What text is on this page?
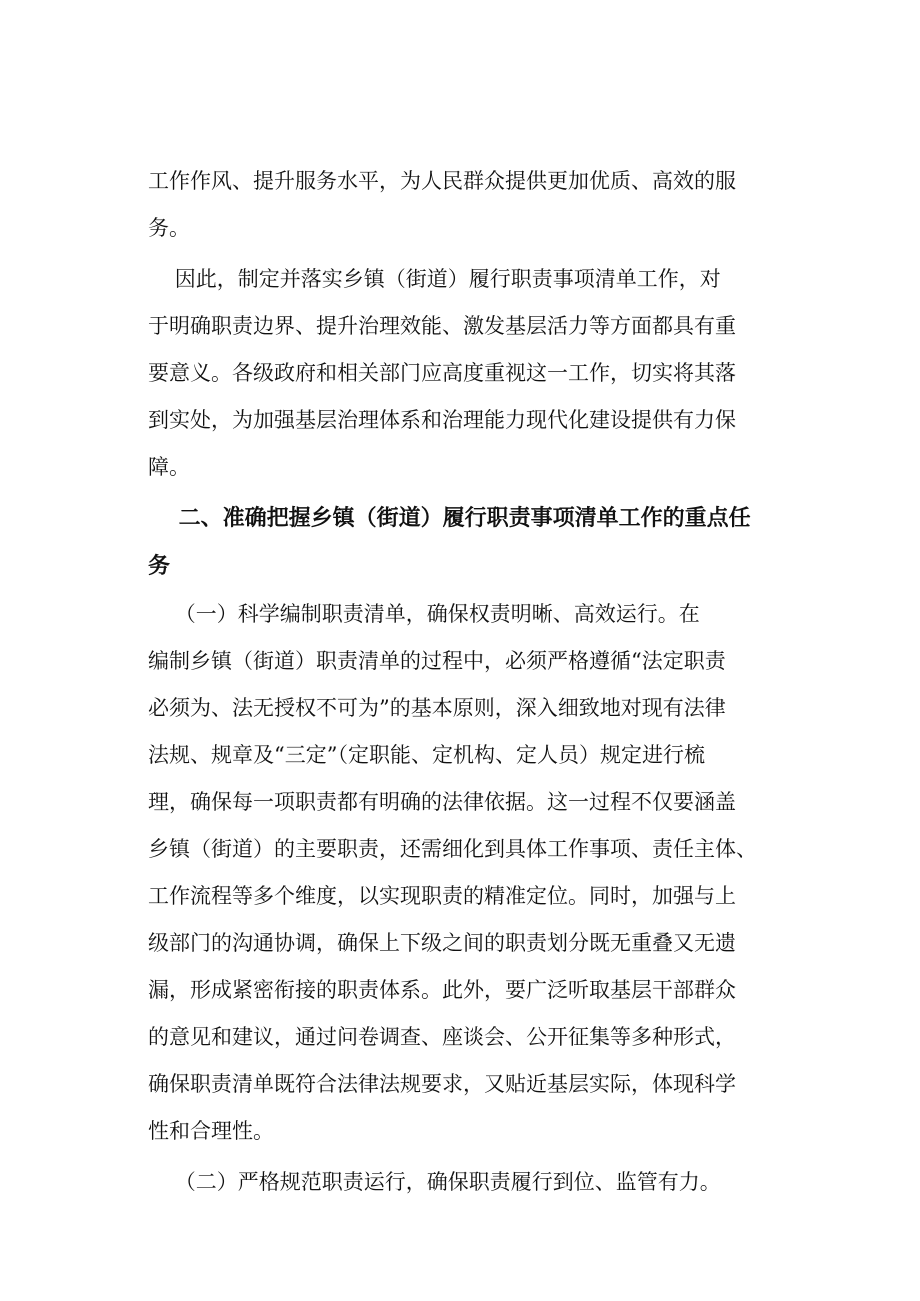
工作作风、提升服务水平，为人民群众提供更加优质、高效的服
务。
因此，制定并落实乡镇（街道）履行职责事项清单工作，对
于明确职责边界、提升治理效能、激发基层活力等方面都具有重
要意义。各级政府和相关部门应高度重视这一工作，切实将其落
到实处，为加强基层治理体系和治理能力现代化建设提供有力保
障。
二、准确把握乡镇（街道）履行职责事项清单工作的重点任
务
（一）科学编制职责清单，确保权责明晰、高效运行。在
编制乡镇（街道）职责清单的过程中，必须严格遵循“法定职责
必须为、法无授权不可为”的基本原则，深入细致地对现有法律
法规、规章及“三定”（定职能、定机构、定人员）规定进行梳
理，确保每一项职责都有明确的法律依据。这一过程不仅要涵盖
乡镇（街道）的主要职责，还需细化到具体工作事项、责任主体、
工作流程等多个维度，以实现职责的精准定位。同时，加强与上
级部门的沟通协调，确保上下级之间的职责划分既无重叠又无遗
漏，形成紧密衔接的职责体系。此外，要广泛听取基层干部群众
的意见和建议，通过问卷调查、座谈会、公开征集等多种形式，
确保职责清单既符合法律法规要求，又贴近基层实际，体现科学
性和合理性。
（二）严格规范职责运行，确保职责履行到位、监管有力。
